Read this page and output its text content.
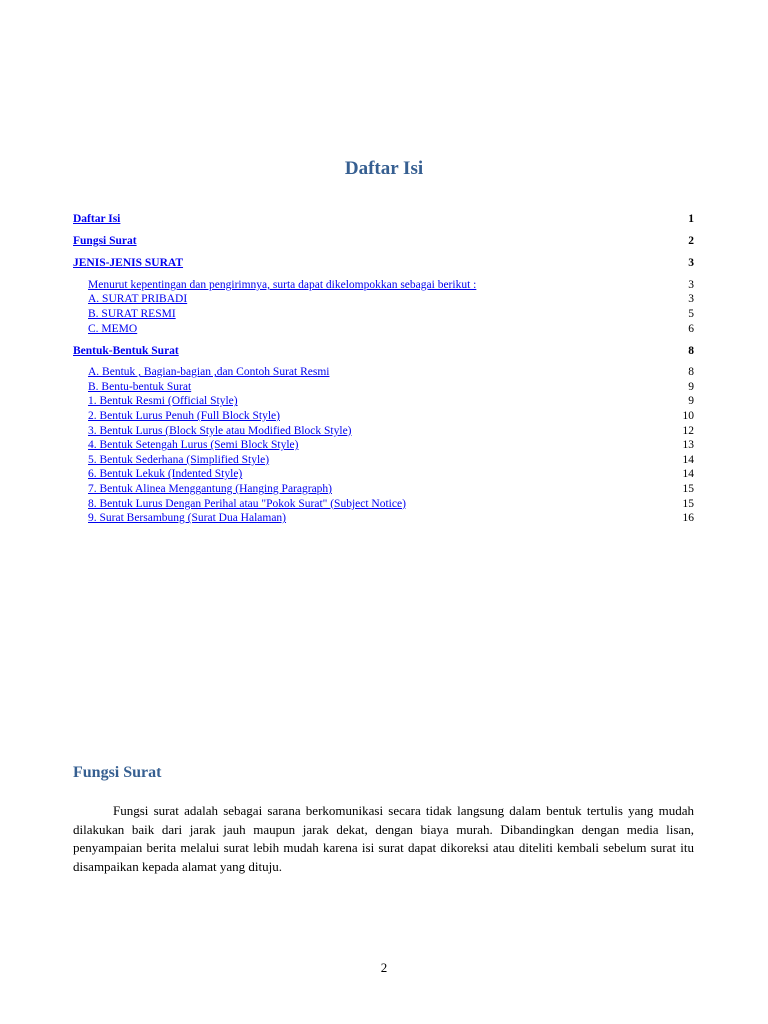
Daftar Isi
Daftar Isi	1
Fungsi Surat	2
JENIS-JENIS SURAT	3
Menurut kepentingan dan pengirimnya, surta dapat dikelompokkan sebagai berikut :	3
A. SURAT PRIBADI	3
B. SURAT RESMI	5
C. MEMO	6
Bentuk-Bentuk Surat	8
A. Bentuk , Bagian-bagian ,dan Contoh Surat Resmi	8
B. Bentu-bentuk Surat	9
1. Bentuk Resmi (Official Style)	9
2. Bentuk Lurus Penuh (Full Block Style)	10
3. Bentuk Lurus (Block Style atau Modified Block Style)	12
4. Bentuk Setengah Lurus (Semi Block Style)	13
5. Bentuk Sederhana (Simplified Style)	14
6. Bentuk Lekuk (Indented Style)	14
7. Bentuk Alinea Menggantung (Hanging Paragraph)	15
8. Bentuk Lurus Dengan Perihal atau "Pokok Surat" (Subject Notice)	15
9. Surat Bersambung (Surat Dua Halaman)	16
Fungsi Surat

Fungsi surat adalah sebagai sarana berkomunikasi secara tidak langsung dalam bentuk tertulis yang mudah dilakukan baik dari jarak jauh maupun jarak dekat, dengan biaya murah. Dibandingkan dengan media lisan, penyampaian berita melalui surat lebih mudah karena isi surat dapat dikoreksi atau diteliti kembali sebelum surat itu disampaikan kepada alamat yang dituju.

2
